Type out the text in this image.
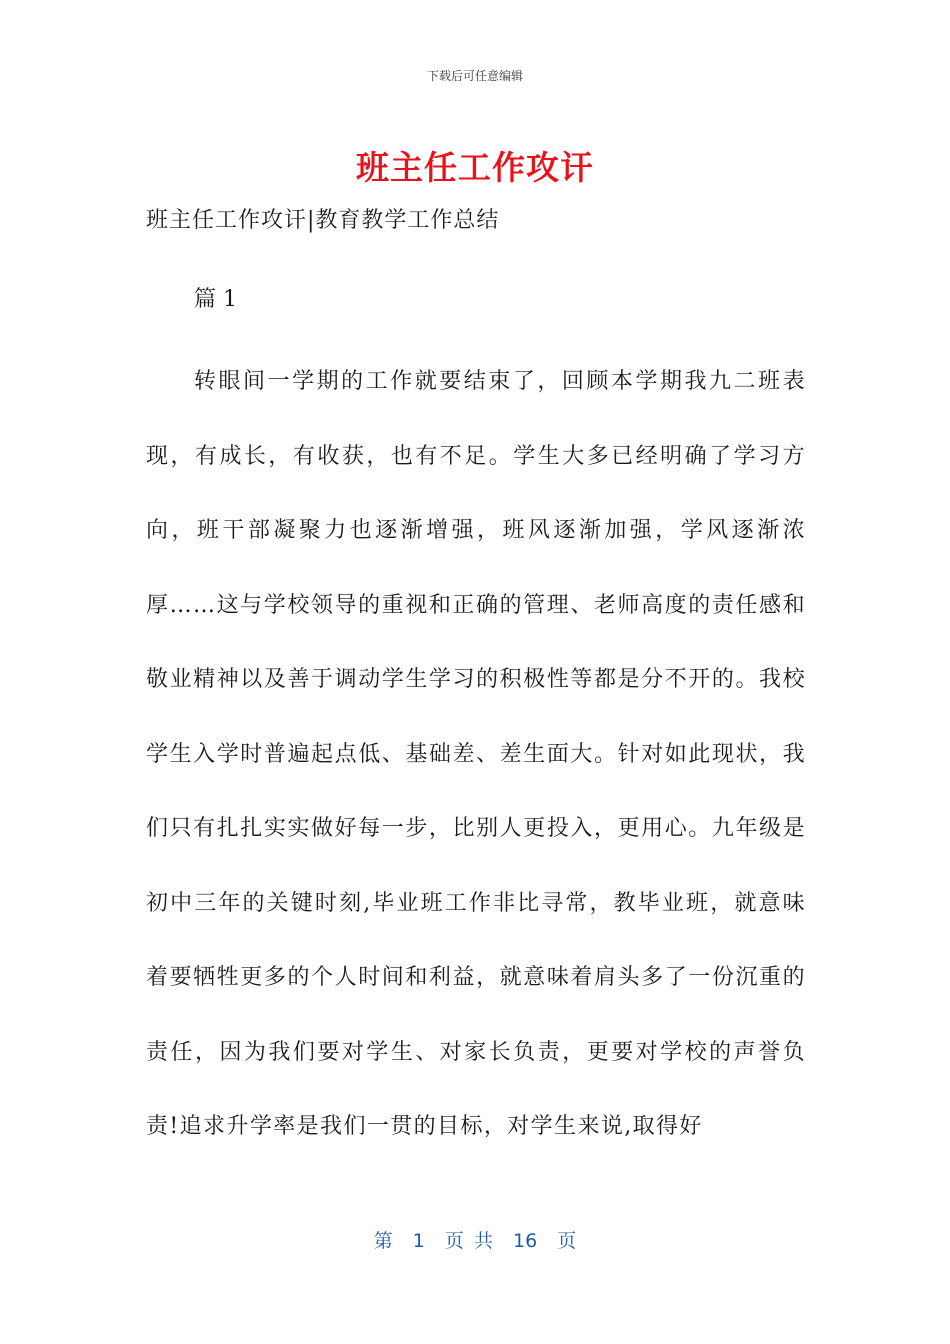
下载后可任意编辑
班主任工作攻讦
班主任工作攻讦|教育教学工作总结
篇 1
转眼间一学期的工作就要结束了，回顾本学期我九二班表现，有成长，有收获，也有不足。学生大多已经明确了学习方向，班干部凝聚力也逐渐增强，班风逐渐加强，学风逐渐浓厚……这与学校领导的重视和正确的管理、老师高度的责任感和敬业精神以及善于调动学生学习的积极性等都是分不开的。我校学生入学时普遍起点低、基础差、差生面大。针对如此现状，我们只有扎扎实实做好每一步，比别人更投入，更用心。九年级是初中三年的关键时刻,毕业班工作非比寻常，教毕业班，就意味着要牺牲更多的个人时间和利益，就意味着肩头多了一份沉重的责任，因为我们要对学生、对家长负责，更要对学校的声誉负责!追求升学率是我们一贯的目标，对学生来说,取得好
第  1  页 共  16  页
